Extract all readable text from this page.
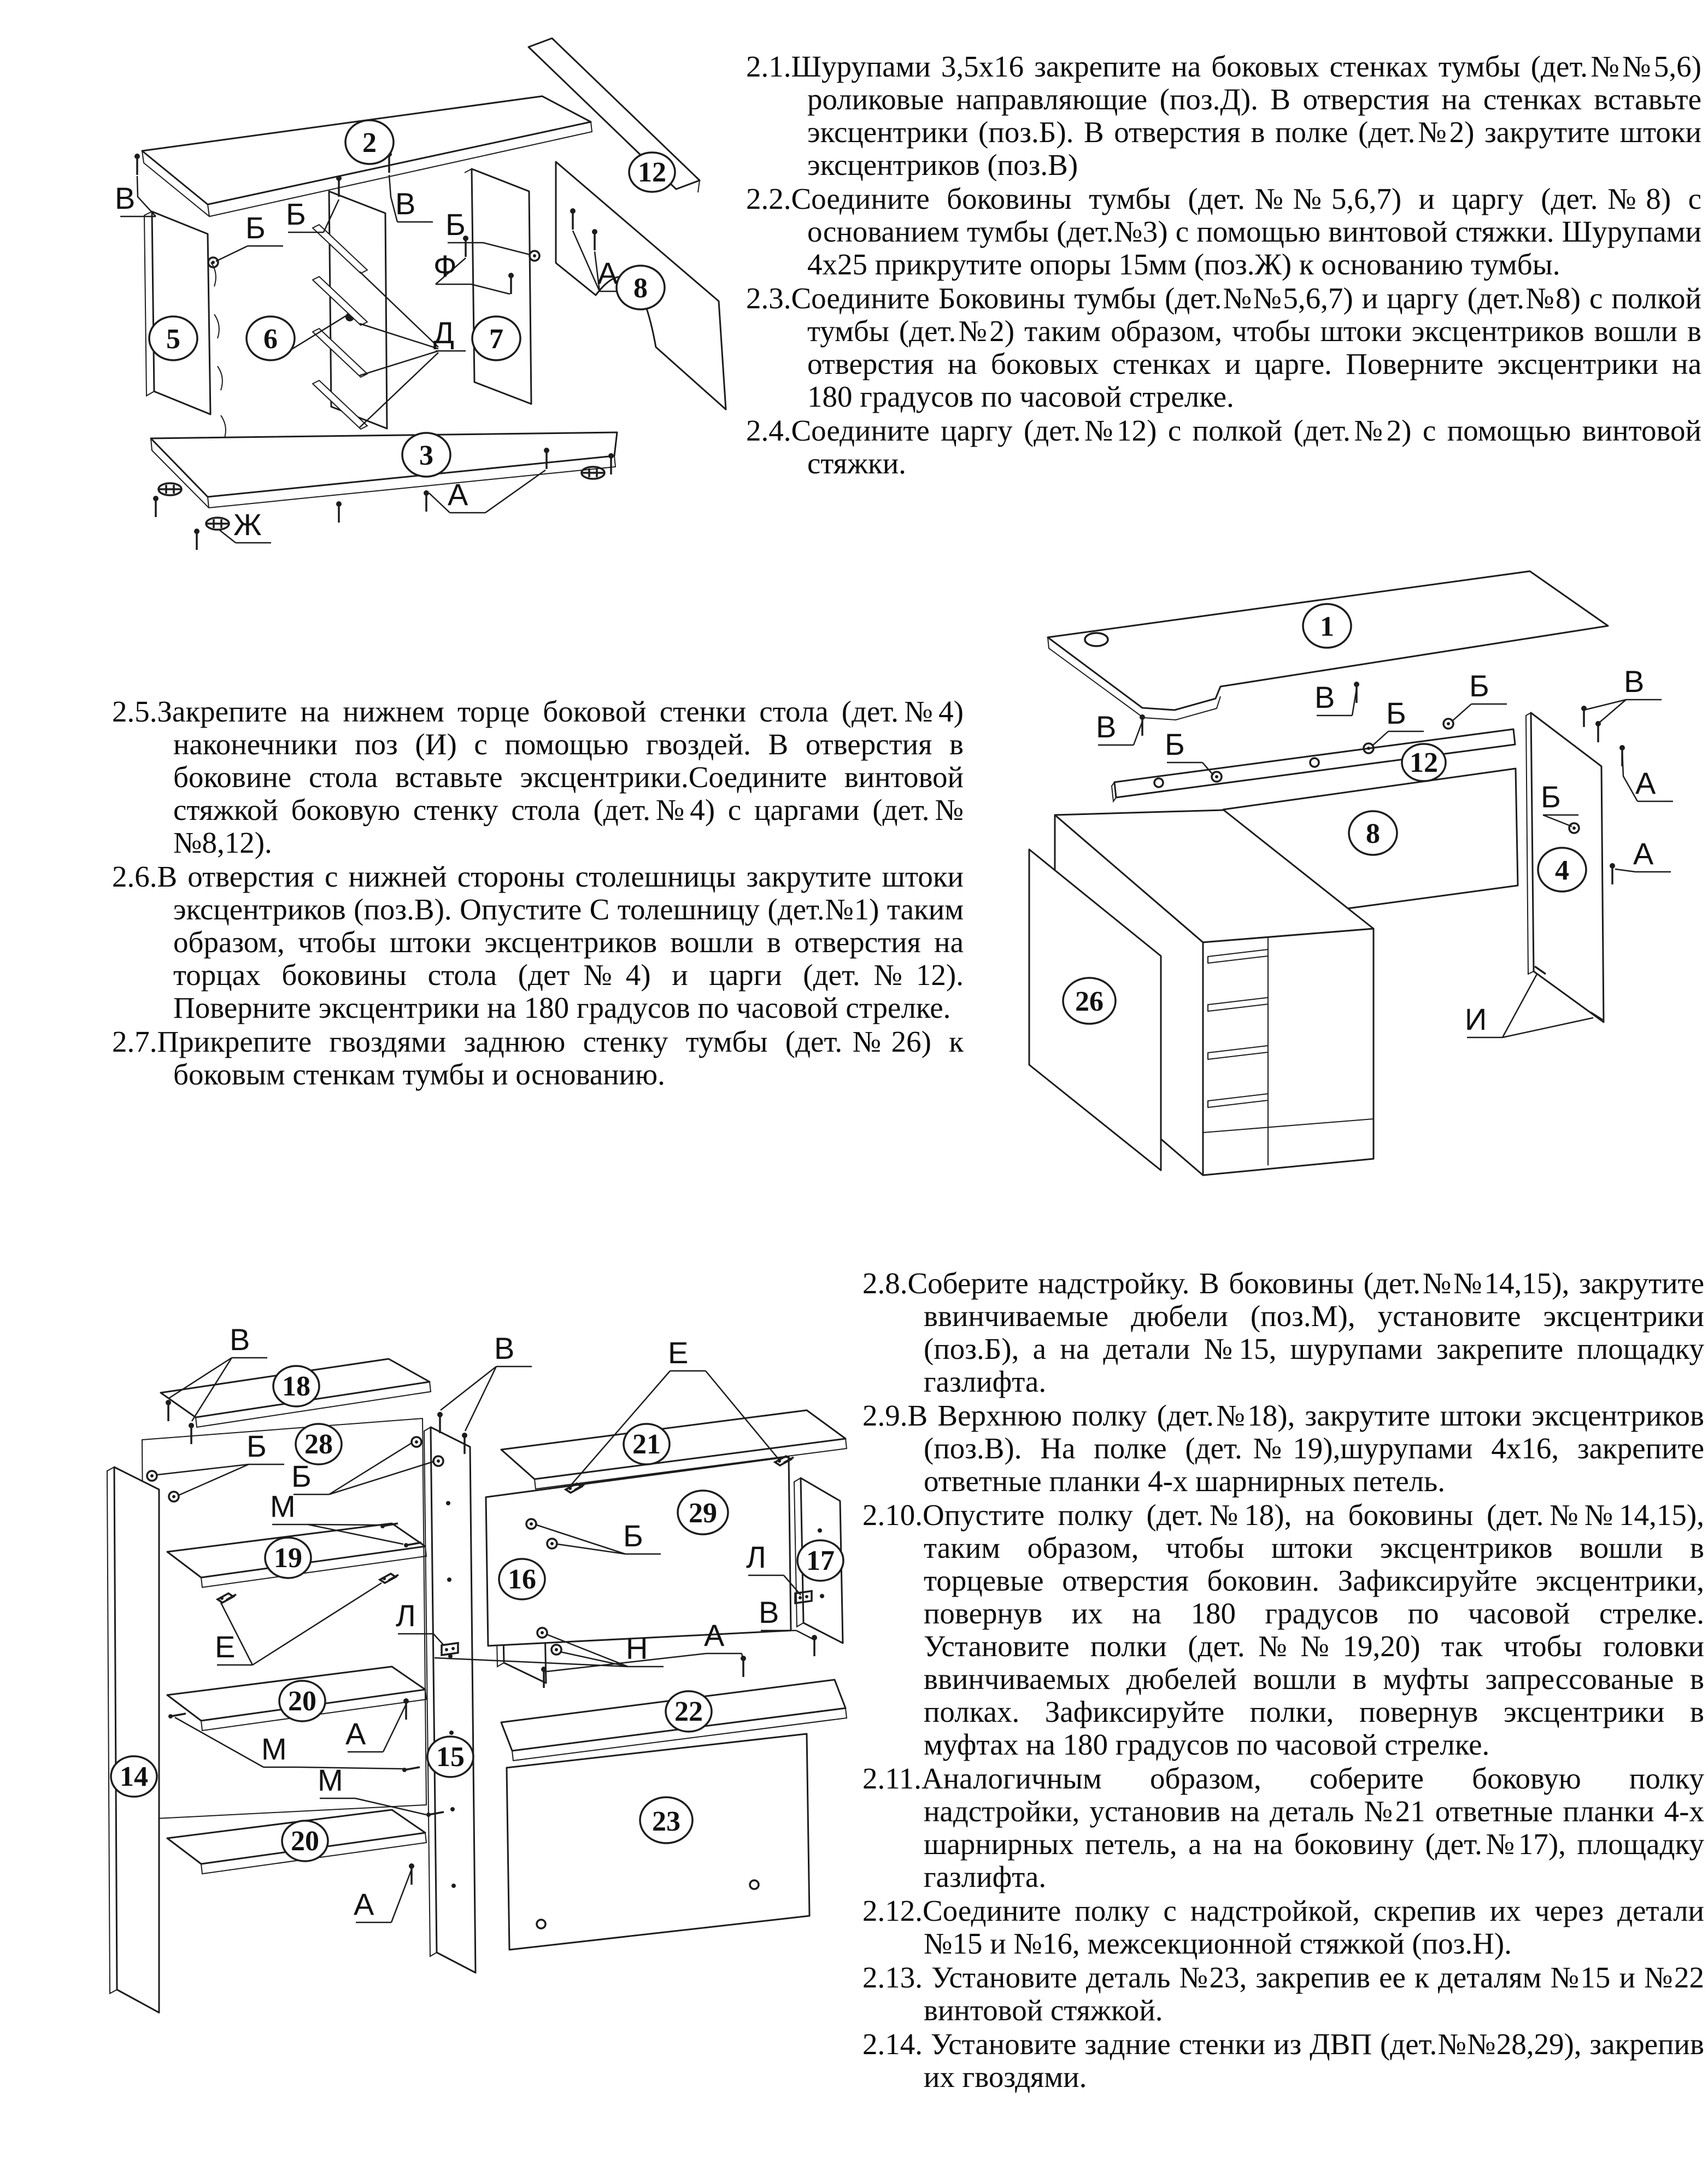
2.1.Шурупами 3,5х16 закрепите на боковых стенках тумбы (дет.№№5,6) роликовые направляющие (поз.Д). В отверстия на стенках вставьте эксцентрики (поз.Б). В отверстия в полке (дет.№2) закрутите штоки эксцентриков (поз.В)
2.2.Соедините боковины тумбы (дет.№№5,6,7) и царгу (дет.№8) с основанием тумбы (дет.№3) с помощью винтовой стяжки. Шурупами 4х25 прикрутите опоры 15мм (поз.Ж) к основанию тумбы.
2.3.Соедините Боковины тумбы (дет.№№5,6,7) и царгу (дет.№8) с полкой тумбы (дет.№2) таким образом, чтобы штоки эксцентриков вошли в отверстия на боковых стенках и царге. Поверните эксцентрики на 180 градусов по часовой стрелке.
2.4.Соедините царгу (дет.№12) с полкой (дет.№2) с помощью винтовой стяжки.
2.5.Закрепите на нижнем торце боковой стенки стола (дет.№4) наконечники поз (И) с помощью гвоздей. В отверстия в боковине стола вставьте эксцентрики.Соедините винтовой стяжкой боковую стенку стола (дет.№4) с царгами (дет.№№8,12).
2.6.В отверстия с нижней стороны столешницы закрутите штоки эксцентриков (поз.В). Опустите С толешницу (дет.№1) таким образом, чтобы штоки эксцентриков вошли в отверстия на торцах боковины стола (дет№4) и царги (дет.№12). Поверните эксцентрики на 180 градусов по часовой стрелке.
2.7.Прикрепите гвоздями заднюю стенку тумбы (дет.№26) к боковым стенкам тумбы и основанию.
2.8.Соберите надстройку. В боковины (дет.№№14,15), закрутите ввинчиваемые дюбели (поз.М), установите эксцентрики (поз.Б), а на детали №15, шурупами закрепите площадку газлифта.
2.9.В Верхнюю полку (дет.№18), закрутите штоки эксцентриков (поз.В). На полке (дет.№19),шурупами 4х16, закрепите ответные планки 4-х шарнирных петель.
2.10.Опустите полку (дет.№18), на боковины (дет.№№14,15), таким образом, чтобы штоки эксцентриков вошли в торцевые отверстия боковин. Зафиксируйте эксцентрики, повернув их на 180 градусов по часовой стрелке. Установите полки (дет.№№19,20) так чтобы головки ввинчиваемых дюбелей вошли в муфты запрессованые в полках. Зафиксируйте полки, повернув эксцентрики в муфтах на 180 градусов по часовой стрелке.
2.11.Аналогичным образом, соберите боковую полку надстройки, установив на деталь №21 ответные планки 4-х шарнирных петель, а на на боковину (дет.№17), площадку газлифта.
2.12.Соедините полку с надстройкой, скрепив их через детали №15 и №16, межсекционной стяжкой (поз.Н).
2.13. Установите деталь №23, закрепив ее к деталям №15 и №22 винтовой стяжкой.
2.14. Установите задние стенки из ДВП (дет.№№28,29), закрепив их гвоздями.
2
12
8
5	6	7
3
В	Б
Б
В
Б
Ф	А
Д
А
Ж
1
12
8
4
26
В
В
В
Б
Б
Б
Б А
А
И
18
28
19
20
20
14
15
16
21
29
17
22
23
В	В	Е
Б
Б
М
Б
Л
Л
Е	Н А
В
А
М
М
А
